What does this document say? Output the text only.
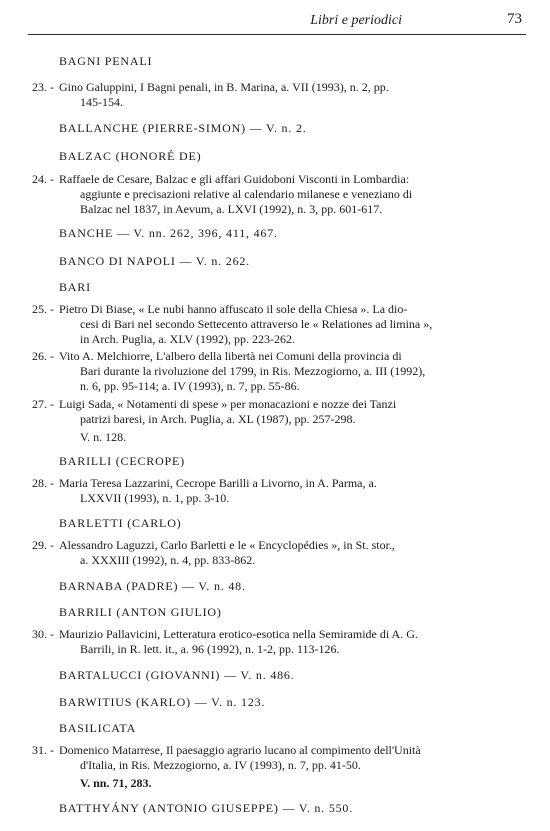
Libri e periodici	73
BAGNI PENALI
23. - Gino Galuppini, I Bagni penali, in B. Marina, a. VII (1993), n. 2, pp.
145-154.
BALLANCHE (PIERRE-SIMON) — V. n. 2.
BALZAC (HONORÉ DE)
24. - Raffaele de Cesare, Balzac e gli affari Guidoboni Visconti in Lombardia:
aggiunte e precisazioni relative al calendario milanese e veneziano di
Balzac nel 1837, in Aevum, a. LXVI (1992), n. 3, pp. 601-617.
BANCHE — V. nn. 262, 396, 411, 467.
BANCO DI NAPOLI — V. n. 262.
BARI
25. - Pietro Di Biase, « Le nubi hanno affuscato il sole della Chiesa ». La dio-
cesi di Bari nel secondo Settecento attraverso le « Relationes ad limina »,
in Arch. Puglia, a. XLV (1992), pp. 223-262.
26. - Vito A. Melchiorre, L'albero della libertà nei Comuni della provincia di
Bari durante la rivoluzione del 1799, in Ris. Mezzogiorno, a. III (1992),
n. 6, pp. 95-114; a. IV (1993), n. 7, pp. 55-86.
27. - Luigi Sada, « Notamenti di spese » per monacazioni e nozze dei Tanzi
patrizi baresi, in Arch. Puglia, a. XL (1987), pp. 257-298.
V. n. 128.
BARILLI (CECROPE)
28. - Maria Teresa Lazzarini, Cecrope Barilli a Livorno, in A. Parma, a.
LXXVII (1993), n. 1, pp. 3-10.
BARLETTI (CARLO)
29. - Alessandro Laguzzi, Carlo Barletti e le « Encyclopédies », in St. stor.,
a. XXXIII (1992), n. 4, pp. 833-862.
BARNABA (PADRE) — V. n. 48.
BARRILI (ANTON GIULIO)
30. - Maurizio Pallavicini, Letteratura erotico-esotica nella Semiramide di A. G.
Barrili, in R. lett. it., a. 96 (1992), n. 1-2, pp. 113-126.
BARTALUCCI (GIOVANNI) — V. n. 486.
BARWITIUS (KARLO) — V. n. 123.
BASILICATA
31. - Domenico Matarrese, Il paesaggio agrario lucano al compimento dell'Unità
d'Italia, in Ris. Mezzogiorno, a. IV (1993), n. 7, pp. 41-50.
V. nn. 71, 283.
BATTHYÁNY (ANTONIO GIUSEPPE) — V. n. 550.
